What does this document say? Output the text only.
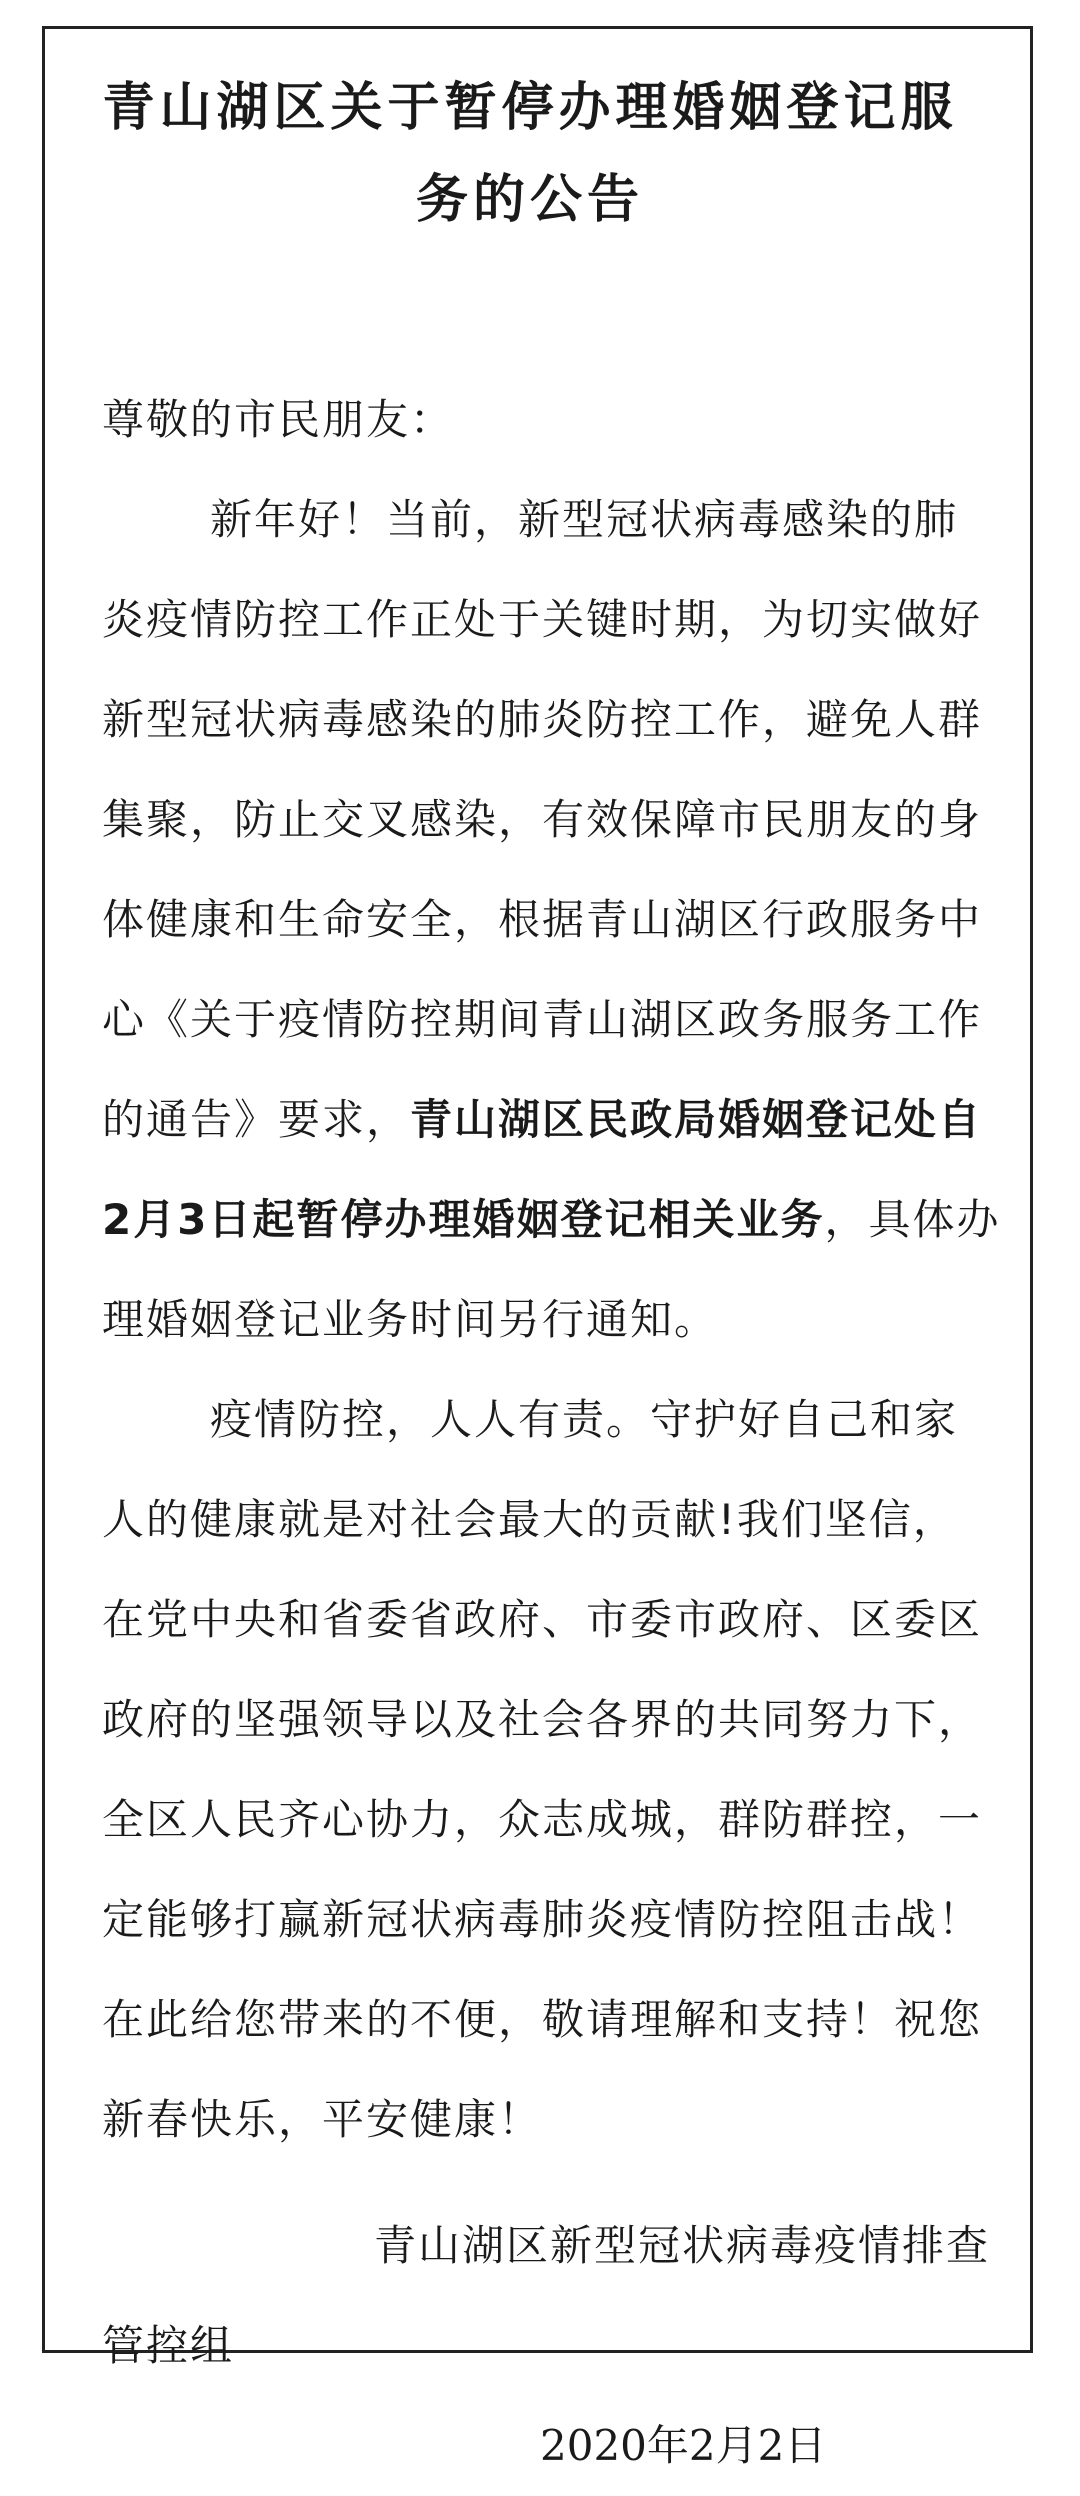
青山湖区关于暂停办理婚姻登记服
务的公告
尊敬的市民朋友：
新年好！当前，新型冠状病毒感染的肺
炎疫情防控工作正处于关键时期，为切实做好
新型冠状病毒感染的肺炎防控工作，避免人群
集聚，防止交叉感染，有效保障市民朋友的身
体健康和生命安全，根据青山湖区行政服务中
心《关于疫情防控期间青山湖区政务服务工作
的通告》要求，青山湖区民政局婚姻登记处自
2月3日起暂停办理婚姻登记相关业务，具体办
理婚姻登记业务时间另行通知。
疫情防控，人人有责。守护好自己和家
人的健康就是对社会最大的贡献!我们坚信，
在党中央和省委省政府、市委市政府、区委区
政府的坚强领导以及社会各界的共同努力下，
全区人民齐心协力，众志成城，群防群控，一
定能够打赢新冠状病毒肺炎疫情防控阻击战！
在此给您带来的不便，敬请理解和支持！祝您
新春快乐，平安健康！
青山湖区新型冠状病毒疫情排查
管控组
2020年2月2日
